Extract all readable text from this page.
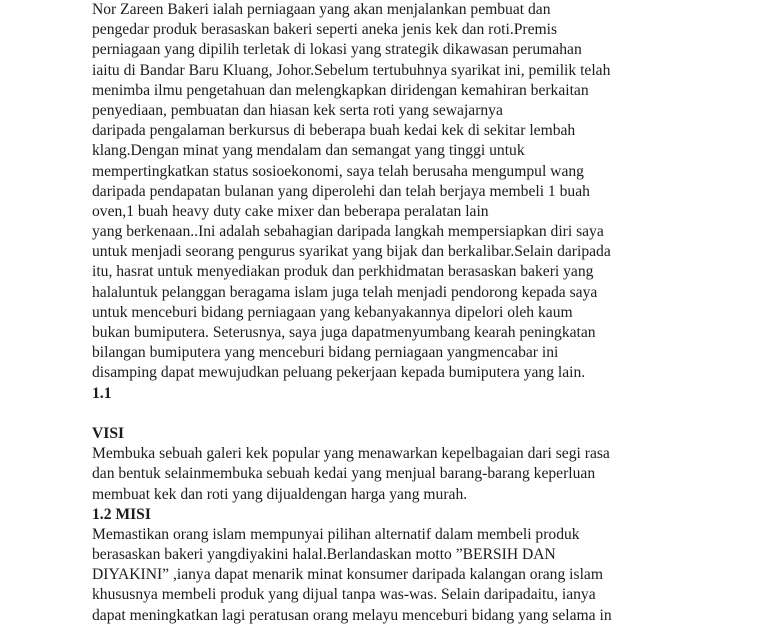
Nor Zareen Bakeri ialah perniagaan yang akan menjalankan pembuat dan
pengedar produk berasaskan bakeri seperti aneka jenis kek dan roti.Premis
perniagaan yang dipilih terletak di lokasi yang strategik dikawasan perumahan
iaitu di Bandar Baru Kluang, Johor.Sebelum tertubuhnya syarikat ini, pemilik telah
menimba ilmu pengetahuan dan melengkapkan diridengan kemahiran berkaitan
penyediaan, pembuatan dan hiasan kek serta roti yang sewajarnya
daripada pengalaman berkursus di beberapa buah kedai kek di sekitar lembah
klang.Dengan minat yang mendalam dan semangat yang tinggi untuk
mempertingkatkan status sosioekonomi, saya telah berusaha mengumpul wang
daripada pendapatan bulanan yang diperolehi dan telah berjaya membeli 1 buah
oven,1 buah heavy duty cake mixer dan beberapa peralatan lain
yang berkenaan..Ini adalah sebahagian daripada langkah mempersiapkan diri saya
untuk menjadi seorang pengurus syarikat yang bijak dan berkalibar.Selain daripada
itu, hasrat untuk menyediakan produk dan perkhidmatan berasaskan bakeri yang
halaluntuk pelanggan beragama islam juga telah menjadi pendorong kepada saya
untuk menceburi bidang perniagaan yang kebanyakannya dipelori oleh kaum
bukan bumiputera. Seterusnya, saya juga dapatmenyumbang kearah peningkatan
bilangan bumiputera yang menceburi bidang perniagaan yangmencabar ini
disamping dapat mewujudkan peluang pekerjaan kepada bumiputera yang lain.
1.1
VISI
Membuka sebuah galeri kek popular yang menawarkan kepelbagaian dari segi rasa
dan bentuk selainmembuka sebuah kedai yang menjual barang-barang keperluan
membuat kek dan roti yang dijualdengan harga yang murah.
1.2 MISI
Memastikan orang islam mempunyai pilihan alternatif dalam membeli produk
berasaskan bakeri yangdiyakini halal.Berlandaskan motto ”BERSIH DAN
DIYAKINI” ,ianya dapat menarik minat konsumer daripada kalangan orang islam
khususnya membeli produk yang dijual tanpa was-was. Selain daripadaitu, ianya
dapat meningkatkan lagi peratusan orang melayu menceburi bidang yang selama in
